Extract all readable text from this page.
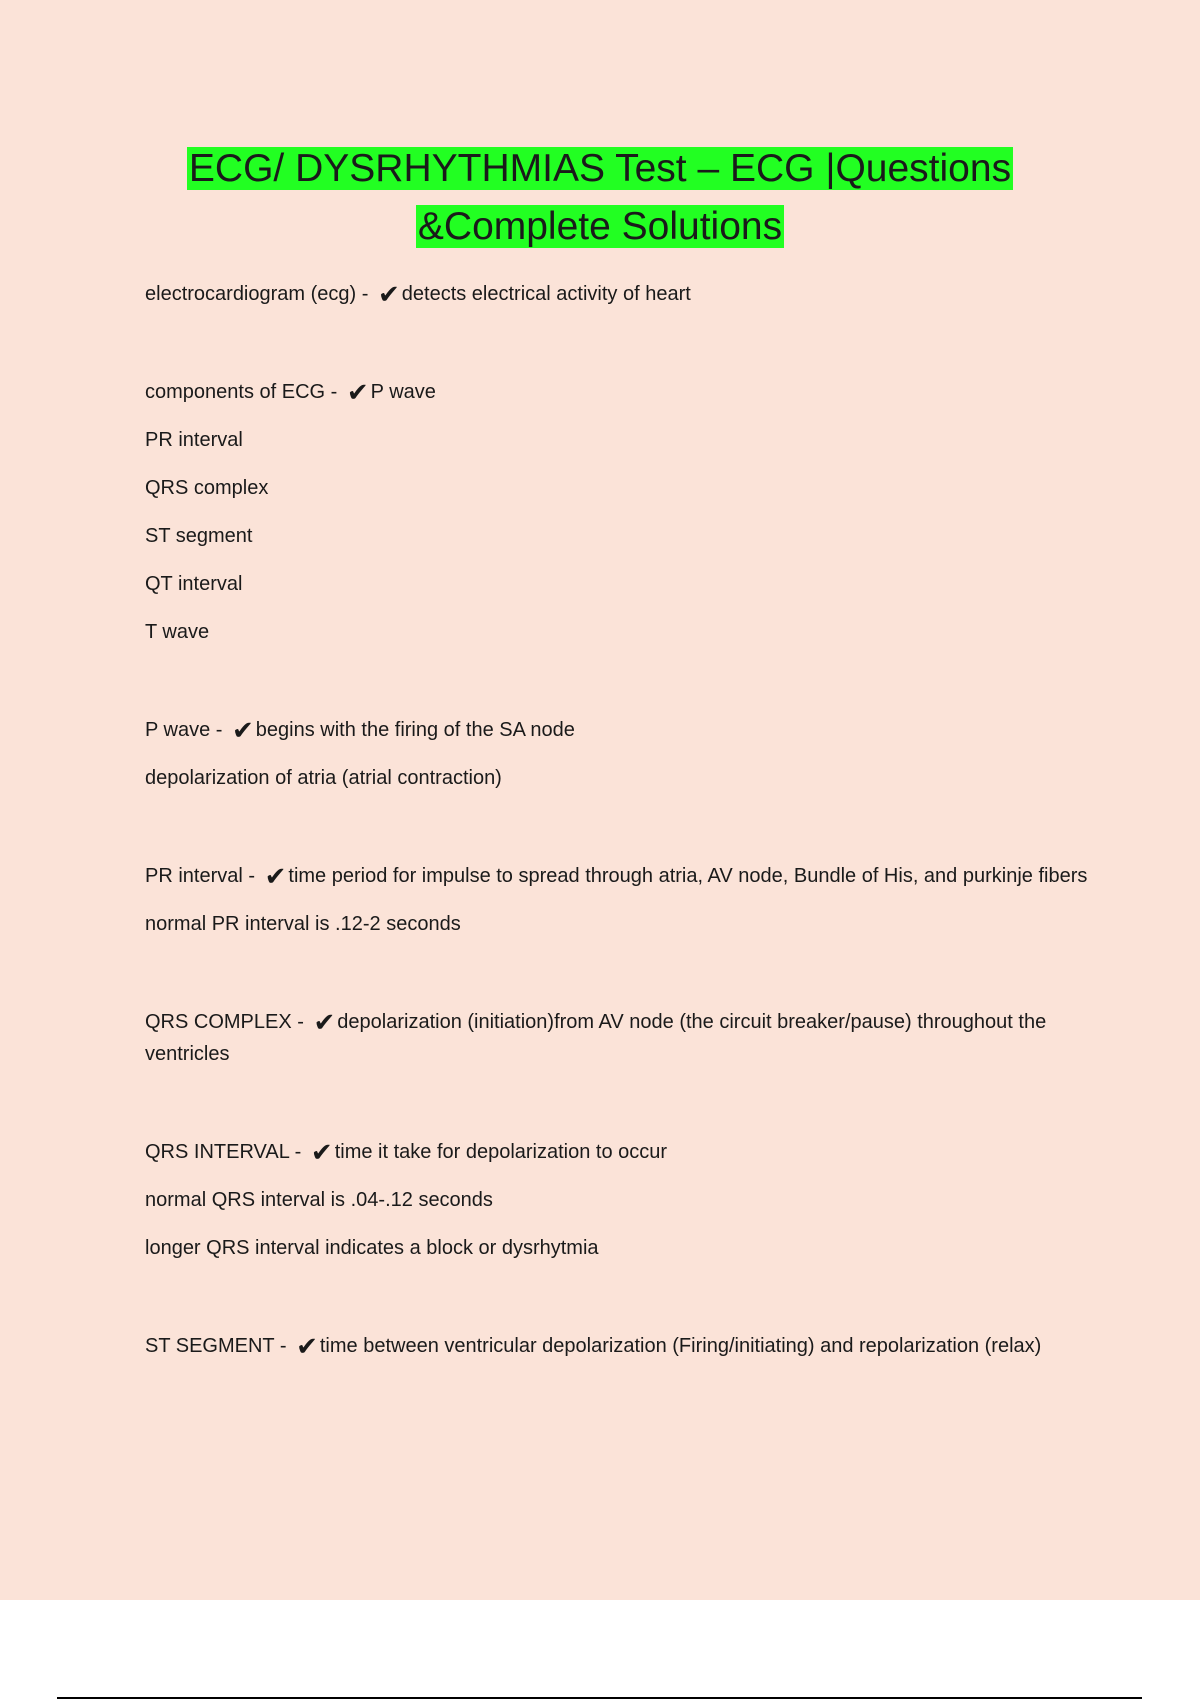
ECG/ DYSRHYTHMIAS Test – ECG |Questions
&Complete Solutions
electrocardiogram (ecg) - ✔ detects electrical activity of heart
components of ECG - ✔ P wave
PR interval
QRS complex
ST segment
QT interval
T wave
P wave - ✔ begins with the firing of the SA node
depolarization of atria (atrial contraction)
PR interval - ✔ time period for impulse to spread through atria, AV node, Bundle of His, and purkinje fibers
normal PR interval is .12-2 seconds
QRS COMPLEX - ✔ depolarization (initiation)from AV node (the circuit breaker/pause) throughout the ventricles
QRS INTERVAL - ✔ time it take for depolarization to occur
normal QRS interval is .04-.12 seconds
longer QRS interval indicates a block or dysrhytmia
ST SEGMENT - ✔ time between ventricular depolarization (Firing/initiating) and repolarization (relax)
